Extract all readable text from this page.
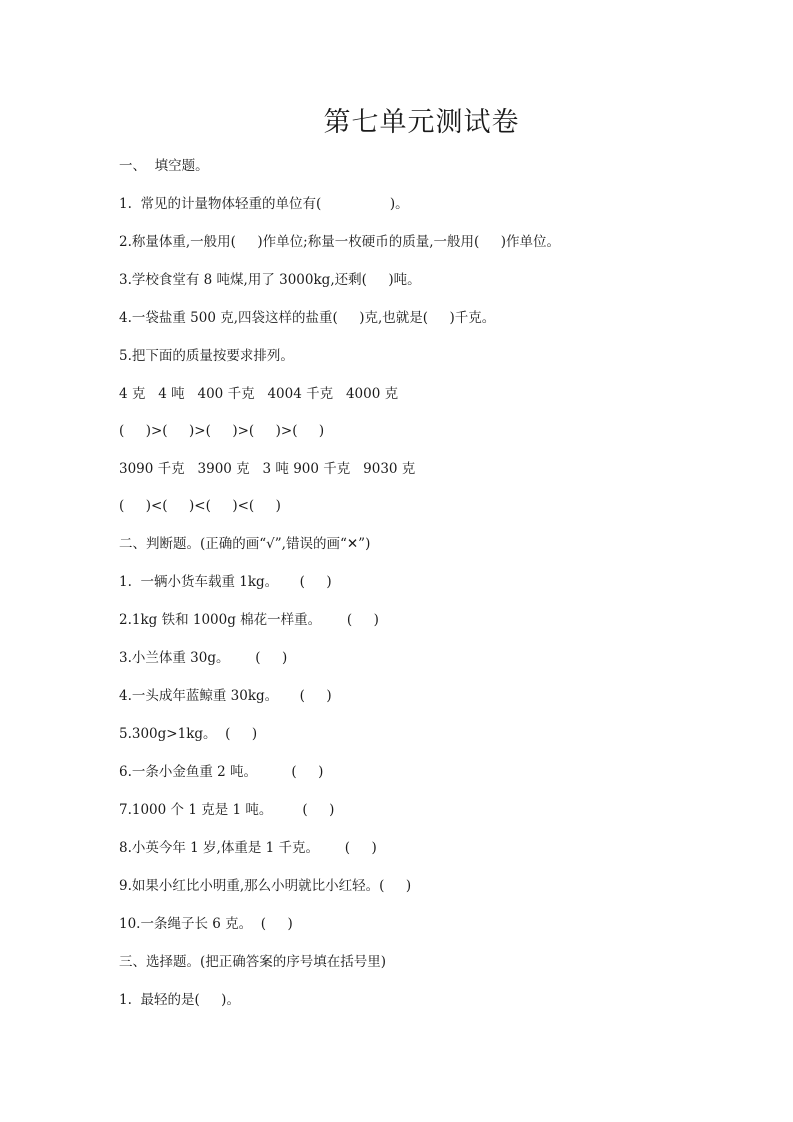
第七单元测试卷
一、  填空题。
1.  常见的计量物体轻重的单位有(                )。
2.称量体重,一般用(     )作单位;称量一枚硬币的质量,一般用(     )作单位。
3.学校食堂有 8 吨煤,用了 3000kg,还剩(     )吨。
4.一袋盐重 500 克,四袋这样的盐重(     )克,也就是(     )千克。
5.把下面的质量按要求排列。
4 克   4 吨   400 千克   4004 千克   4000 克
(     )>(     )>(     )>(     )>(     )
3090 千克   3900 克   3 吨 900 千克   9030 克
(     )<(     )<(     )<(     )
二、判断题。(正确的画“√”,错误的画“✕”)
1.  一辆小货车载重 1kg。     (     )
2.1kg 铁和 1000g 棉花一样重。      (     )
3.小兰体重 30g。      (     )
4.一头成年蓝鲸重 30kg。     (     )
5.300g>1kg。  (     )
6.一条小金鱼重 2 吨。        (     )
7.1000 个 1 克是 1 吨。       (     )
8.小英今年 1 岁,体重是 1 千克。      (     )
9.如果小红比小明重,那么小明就比小红轻。(     )
10.一条绳子长 6 克。  (     )
三、选择题。(把正确答案的序号填在括号里)
1.  最轻的是(     )。
